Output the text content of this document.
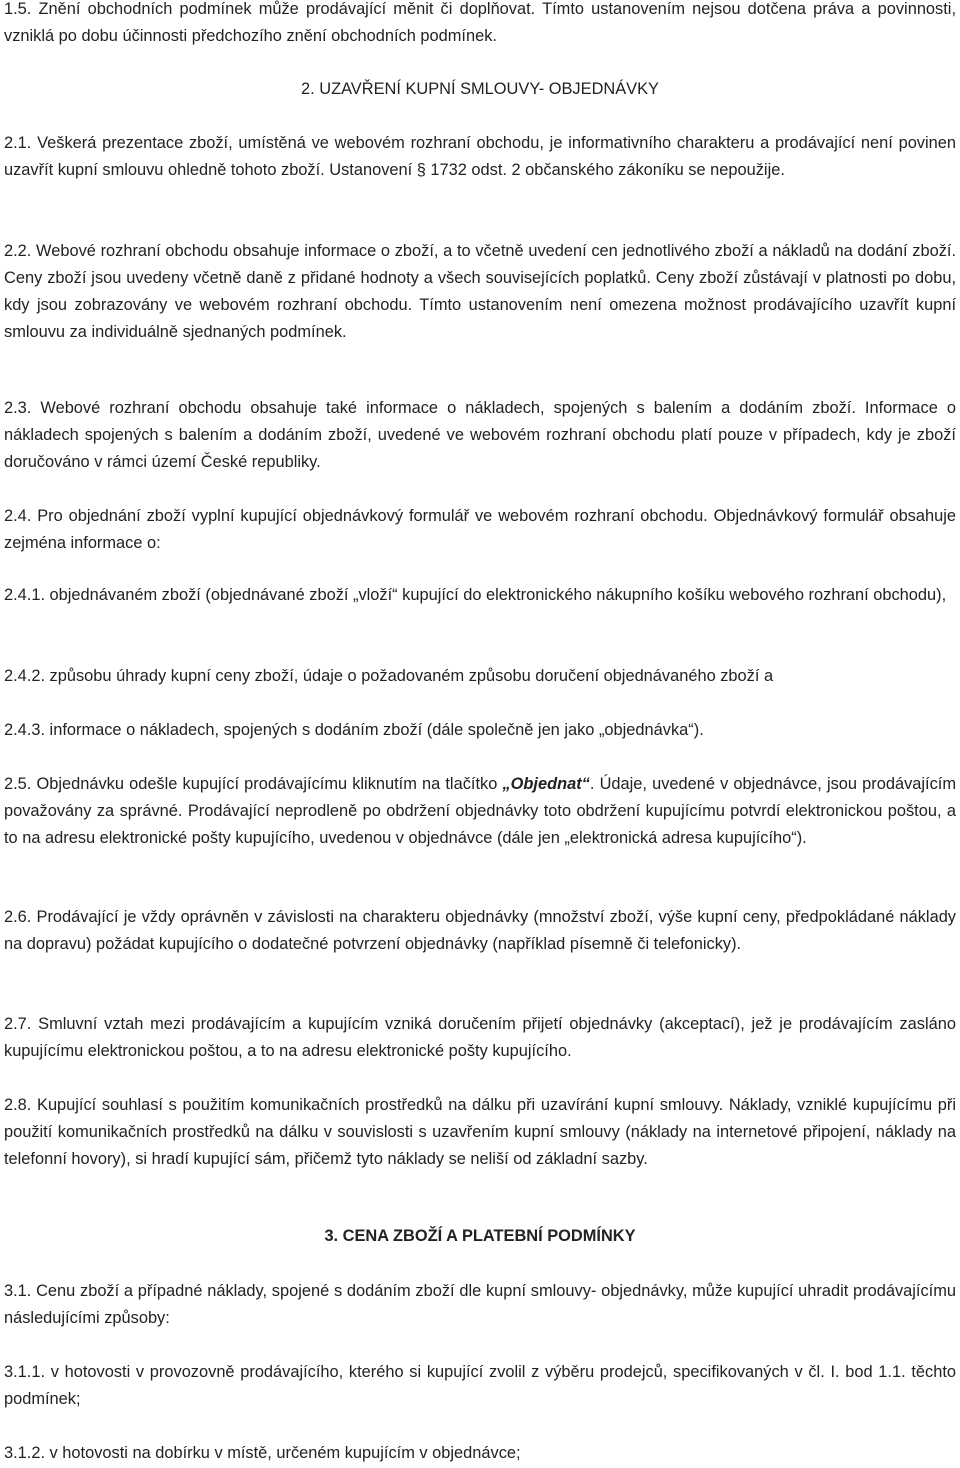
1.5. Znění obchodních podmínek může prodávající měnit či doplňovat. Tímto ustanovením nejsou dotčena práva a povinnosti, vzniklá po dobu účinnosti předchozího znění obchodních podmínek.

2. UZAVŘENÍ KUPNÍ SMLOUVY- OBJEDNÁVKY

2.1. Veškerá prezentace zboží, umístěná ve webovém rozhraní obchodu, je informativního charakteru a prodávající není povinen uzavřít kupní smlouvu ohledně tohoto zboží. Ustanovení § 1732 odst. 2 občanského zákoníku se nepoužije.

2.2. Webové rozhraní obchodu obsahuje informace o zboží, a to včetně uvedení cen jednotlivého zboží a nákladů na dodání zboží. Ceny zboží jsou uvedeny včetně daně z přidané hodnoty a všech souvisejících poplatků. Ceny zboží zůstávají v platnosti po dobu, kdy jsou zobrazovány ve webovém rozhraní obchodu. Tímto ustanovením není omezena možnost prodávajícího uzavřít kupní smlouvu za individuálně sjednaných podmínek.

2.3. Webové rozhraní obchodu obsahuje také informace o nákladech, spojených s balením a dodáním zboží. Informace o nákladech spojených s balením a dodáním zboží, uvedené ve webovém rozhraní obchodu platí pouze v případech, kdy je zboží doručováno v rámci území České republiky.

2.4. Pro objednání zboží vyplní kupující objednávkový formulář ve webovém rozhraní obchodu. Objednávkový formulář obsahuje zejména informace o:

2.4.1. objednávaném zboží (objednávané zboží „vloží“ kupující do elektronického nákupního košíku webového rozhraní obchodu),

2.4.2. způsobu úhrady kupní ceny zboží, údaje o požadovaném způsobu doručení objednávaného zboží a

2.4.3. informace o nákladech, spojených s dodáním zboží (dále společně jen jako „objednávka“).

2.5. Objednávku odešle kupující prodávajícímu kliknutím na tlačítko „Objednat“. Údaje, uvedené v objednávce, jsou prodávajícím považovány za správné. Prodávající neprodleně po obdržení objednávky toto obdržení kupujícímu potvrdí elektronickou poštou, a to na adresu elektronické pošty kupujícího, uvedenou v objednávce (dále jen „elektronická adresa kupujícího“).

2.6. Prodávající je vždy oprávněn v závislosti na charakteru objednávky (množství zboží, výše kupní ceny, předpokládané náklady na dopravu) požádat kupujícího o dodatečné potvrzení objednávky (například písemně či telefonicky).

2.7. Smluvní vztah mezi prodávajícím a kupujícím vzniká doručením přijetí objednávky (akceptací), jež je prodávajícím zasláno kupujícímu elektronickou poštou, a to na adresu elektronické pošty kupujícího.

2.8. Kupující souhlasí s použitím komunikačních prostředků na dálku při uzavírání kupní smlouvy. Náklady, vzniklé kupujícímu při použití komunikačních prostředků na dálku v souvislosti s uzavřením kupní smlouvy (náklady na internetové připojení, náklady na telefonní hovory), si hradí kupující sám, přičemž tyto náklady se neliší od základní sazby.

3. CENA ZBOŽÍ A PLATEBNÍ PODMÍNKY

3.1. Cenu zboží a případné náklady, spojené s dodáním zboží dle kupní smlouvy- objednávky, může kupující uhradit prodávajícímu následujícími způsoby:

3.1.1. v hotovosti v provozovně prodávajícího, kterého si kupující zvolil z výběru prodejců, specifikovaných v čl. I. bod 1.1. těchto podmínek;

3.1.2. v hotovosti na dobírku v místě, určeném kupujícím v objednávce;
